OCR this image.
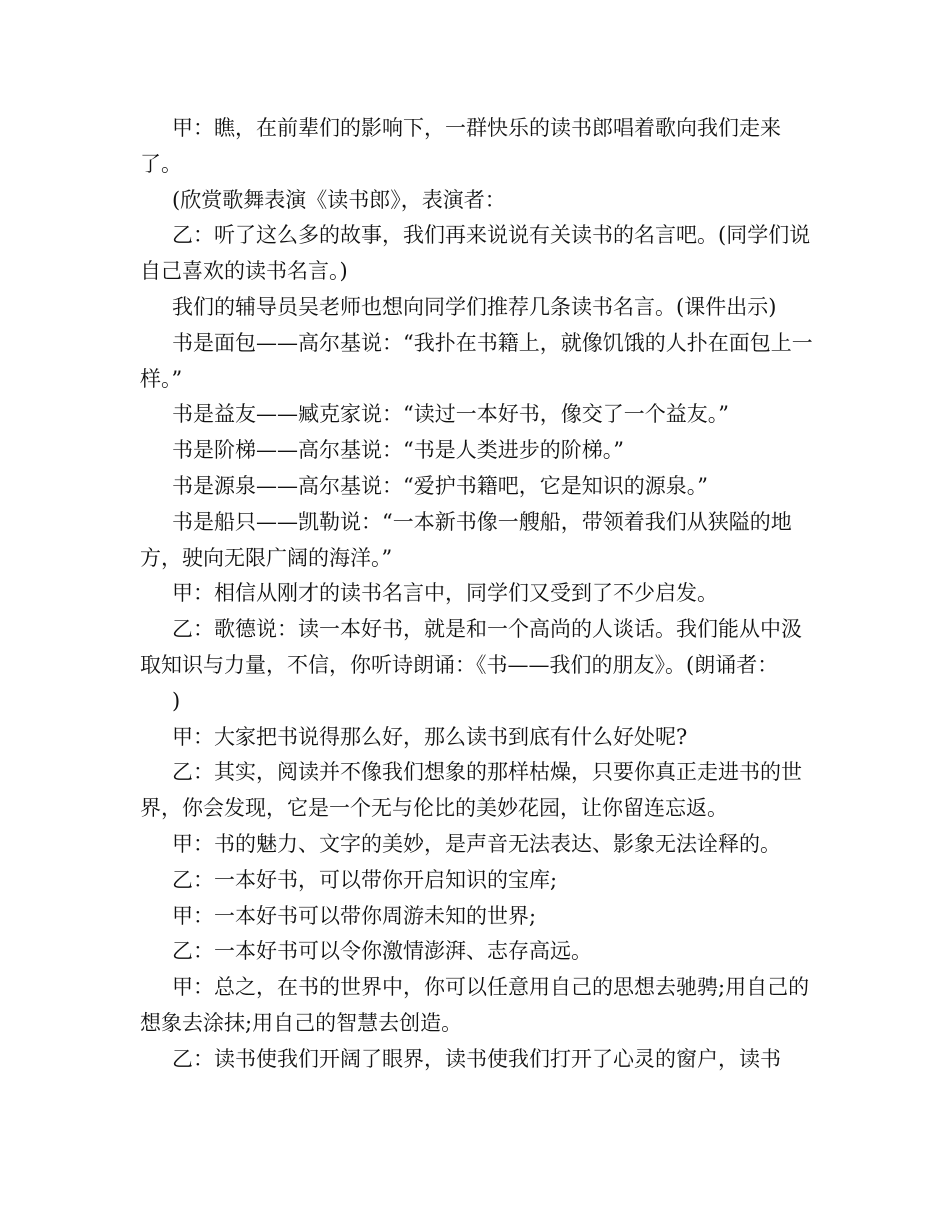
甲：瞧，在前辈们的影响下，一群快乐的读书郎唱着歌向我们走来了。

(欣赏歌舞表演《读书郎》，表演者：

乙：听了这么多的故事，我们再来说说有关读书的名言吧。(同学们说自己喜欢的读书名言。)

我们的辅导员吴老师也想向同学们推荐几条读书名言。(课件出示)

书是面包——高尔基说：“我扑在书籍上，就像饥饿的人扑在面包上一样。”

书是益友——臧克家说：“读过一本好书，像交了一个益友。”

书是阶梯——高尔基说：“书是人类进步的阶梯。”

书是源泉——高尔基说：“爱护书籍吧，它是知识的源泉。”

书是船只——凯勒说：“一本新书像一艘船，带领着我们从狭隘的地方，驶向无限广阔的海洋。”

甲：相信从刚才的读书名言中，同学们又受到了不少启发。

乙：歌德说：读一本好书，就是和一个高尚的人谈话。我们能从中汲取知识与力量，不信，你听诗朗诵：《书——我们的朋友》。(朗诵者：

)

甲：大家把书说得那么好，那么读书到底有什么好处呢?

乙：其实，阅读并不像我们想象的那样枯燥，只要你真正走进书的世界，你会发现，它是一个无与伦比的美妙花园，让你留连忘返。

甲：书的魅力、文字的美妙，是声音无法表达、影象无法诠释的。

乙：一本好书，可以带你开启知识的宝库;

甲：一本好书可以带你周游未知的世界;

乙：一本好书可以令你激情澎湃、志存高远。

甲：总之，在书的世界中，你可以任意用自己的思想去驰骋;用自己的想象去涂抹;用自己的智慧去创造。

乙：读书使我们开阔了眼界，读书使我们打开了心灵的窗户，读书
